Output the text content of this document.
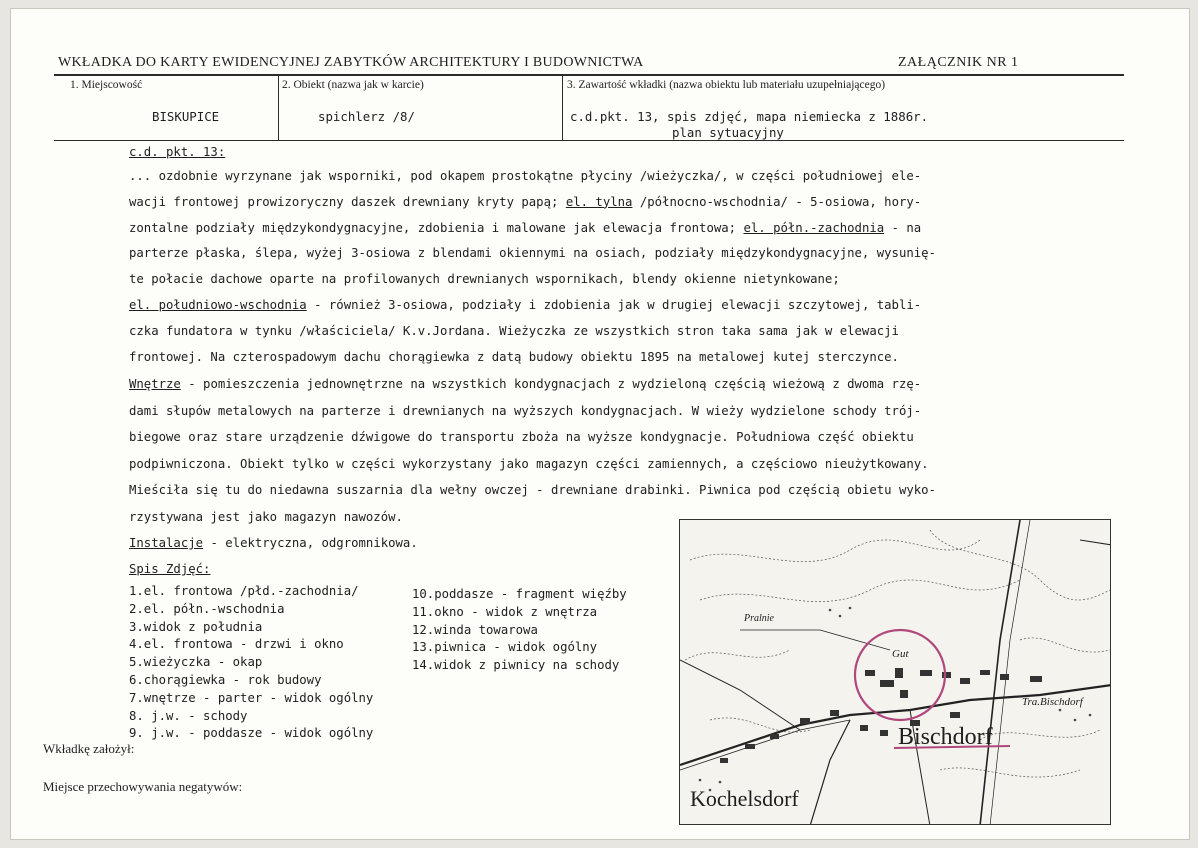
WKŁADKA DO KARTY EWIDENCYJNEJ ZABYTKÓW ARCHITEKTURY I BUDOWNICTWA	ZAŁĄCZNIK NR 1
1. Miejscowość	2. Obiekt (nazwa jak w karcie)	3. Zawartość wkładki (nazwa obiektu lub materiału uzupełniającego)
BISKUPICE	spichlerz /8/	c.d.pkt. 13, spis zdjęć, mapa niemiecka z 1886r.
plan sytuacyjny
c.d. pkt. 13:
... ozdobnie wyrzynane jak wsporniki, pod okapem prostokątne płyciny /wieżyczka/, w części południowej ele-
wacji frontowej prowizoryczny daszek drewniany kryty papą; el. tylna /północno-wschodnia/ - 5-osiowa, hory-
zontalne podziały międzykondygnacyjne, zdobienia i malowane jak elewacja frontowa; el. półn.-zachodnia - na
parterze płaska, ślepa, wyżej 3-osiowa z blendami okiennymi na osiach, podziały międzykondygnacyjne, wysunię-
te połacie dachowe oparte na profilowanych drewnianych wspornikach, blendy okienne nietynkowane;
el. południowo-wschodnia - również 3-osiowa, podziały i zdobienia jak w drugiej elewacji szczytowej, tabli-
czka fundatora w tynku /właściciela/ K.v.Jordana. Wieżyczka ze wszystkich stron taka sama jak w elewacji
frontowej. Na czterospadowym dachu chorągiewka z datą budowy obiektu 1895 na metalowej kutej sterczynce.
Wnętrze - pomieszczenia jednownętrzne na wszystkich kondygnacjach z wydzieloną częścią wieżową z dwoma rzę-
dami słupów metalowych na parterze i drewnianych na wyższych kondygnacjach. W wieży wydzielone schody trój-
biegowe oraz stare urządzenie dźwigowe do transportu zboża na wyższe kondygnacje. Południowa część obiektu
podpiwniczona. Obiekt tylko w części wykorzystany jako magazyn części zamiennych, a częściowo nieużytkowany.
Mieściła się tu do niedawna suszarnia dla wełny owczej - drewniane drabinki. Piwnica pod częścią obietu wyko-
rzystywana jest jako magazyn nawozów.
Instalacje - elektryczna, odgromnikowa.
Spis Zdjęć:
1.el. frontowa /płd.-zachodnia/
2.el. półn.-wschodnia
3.widok z południa
4.el. frontowa - drzwi i okno
5.wieżyczka - okap
6.chorągiewka - rok budowy
7.wnętrze - parter - widok ogólny
8. j.w. - schody
9. j.w. - poddasze - widok ogólny
10.poddasze - fragment więźby
11.okno - widok z wnętrza
12.winda towarowa
13.piwnica - widok ogólny
14.widok z piwnicy na schody
Wkładkę założył:
Miejsce przechowywania negatywów:
Bischdorf
Kochelsdorf
Gut
Tra.Bischdorf
Pralnie
